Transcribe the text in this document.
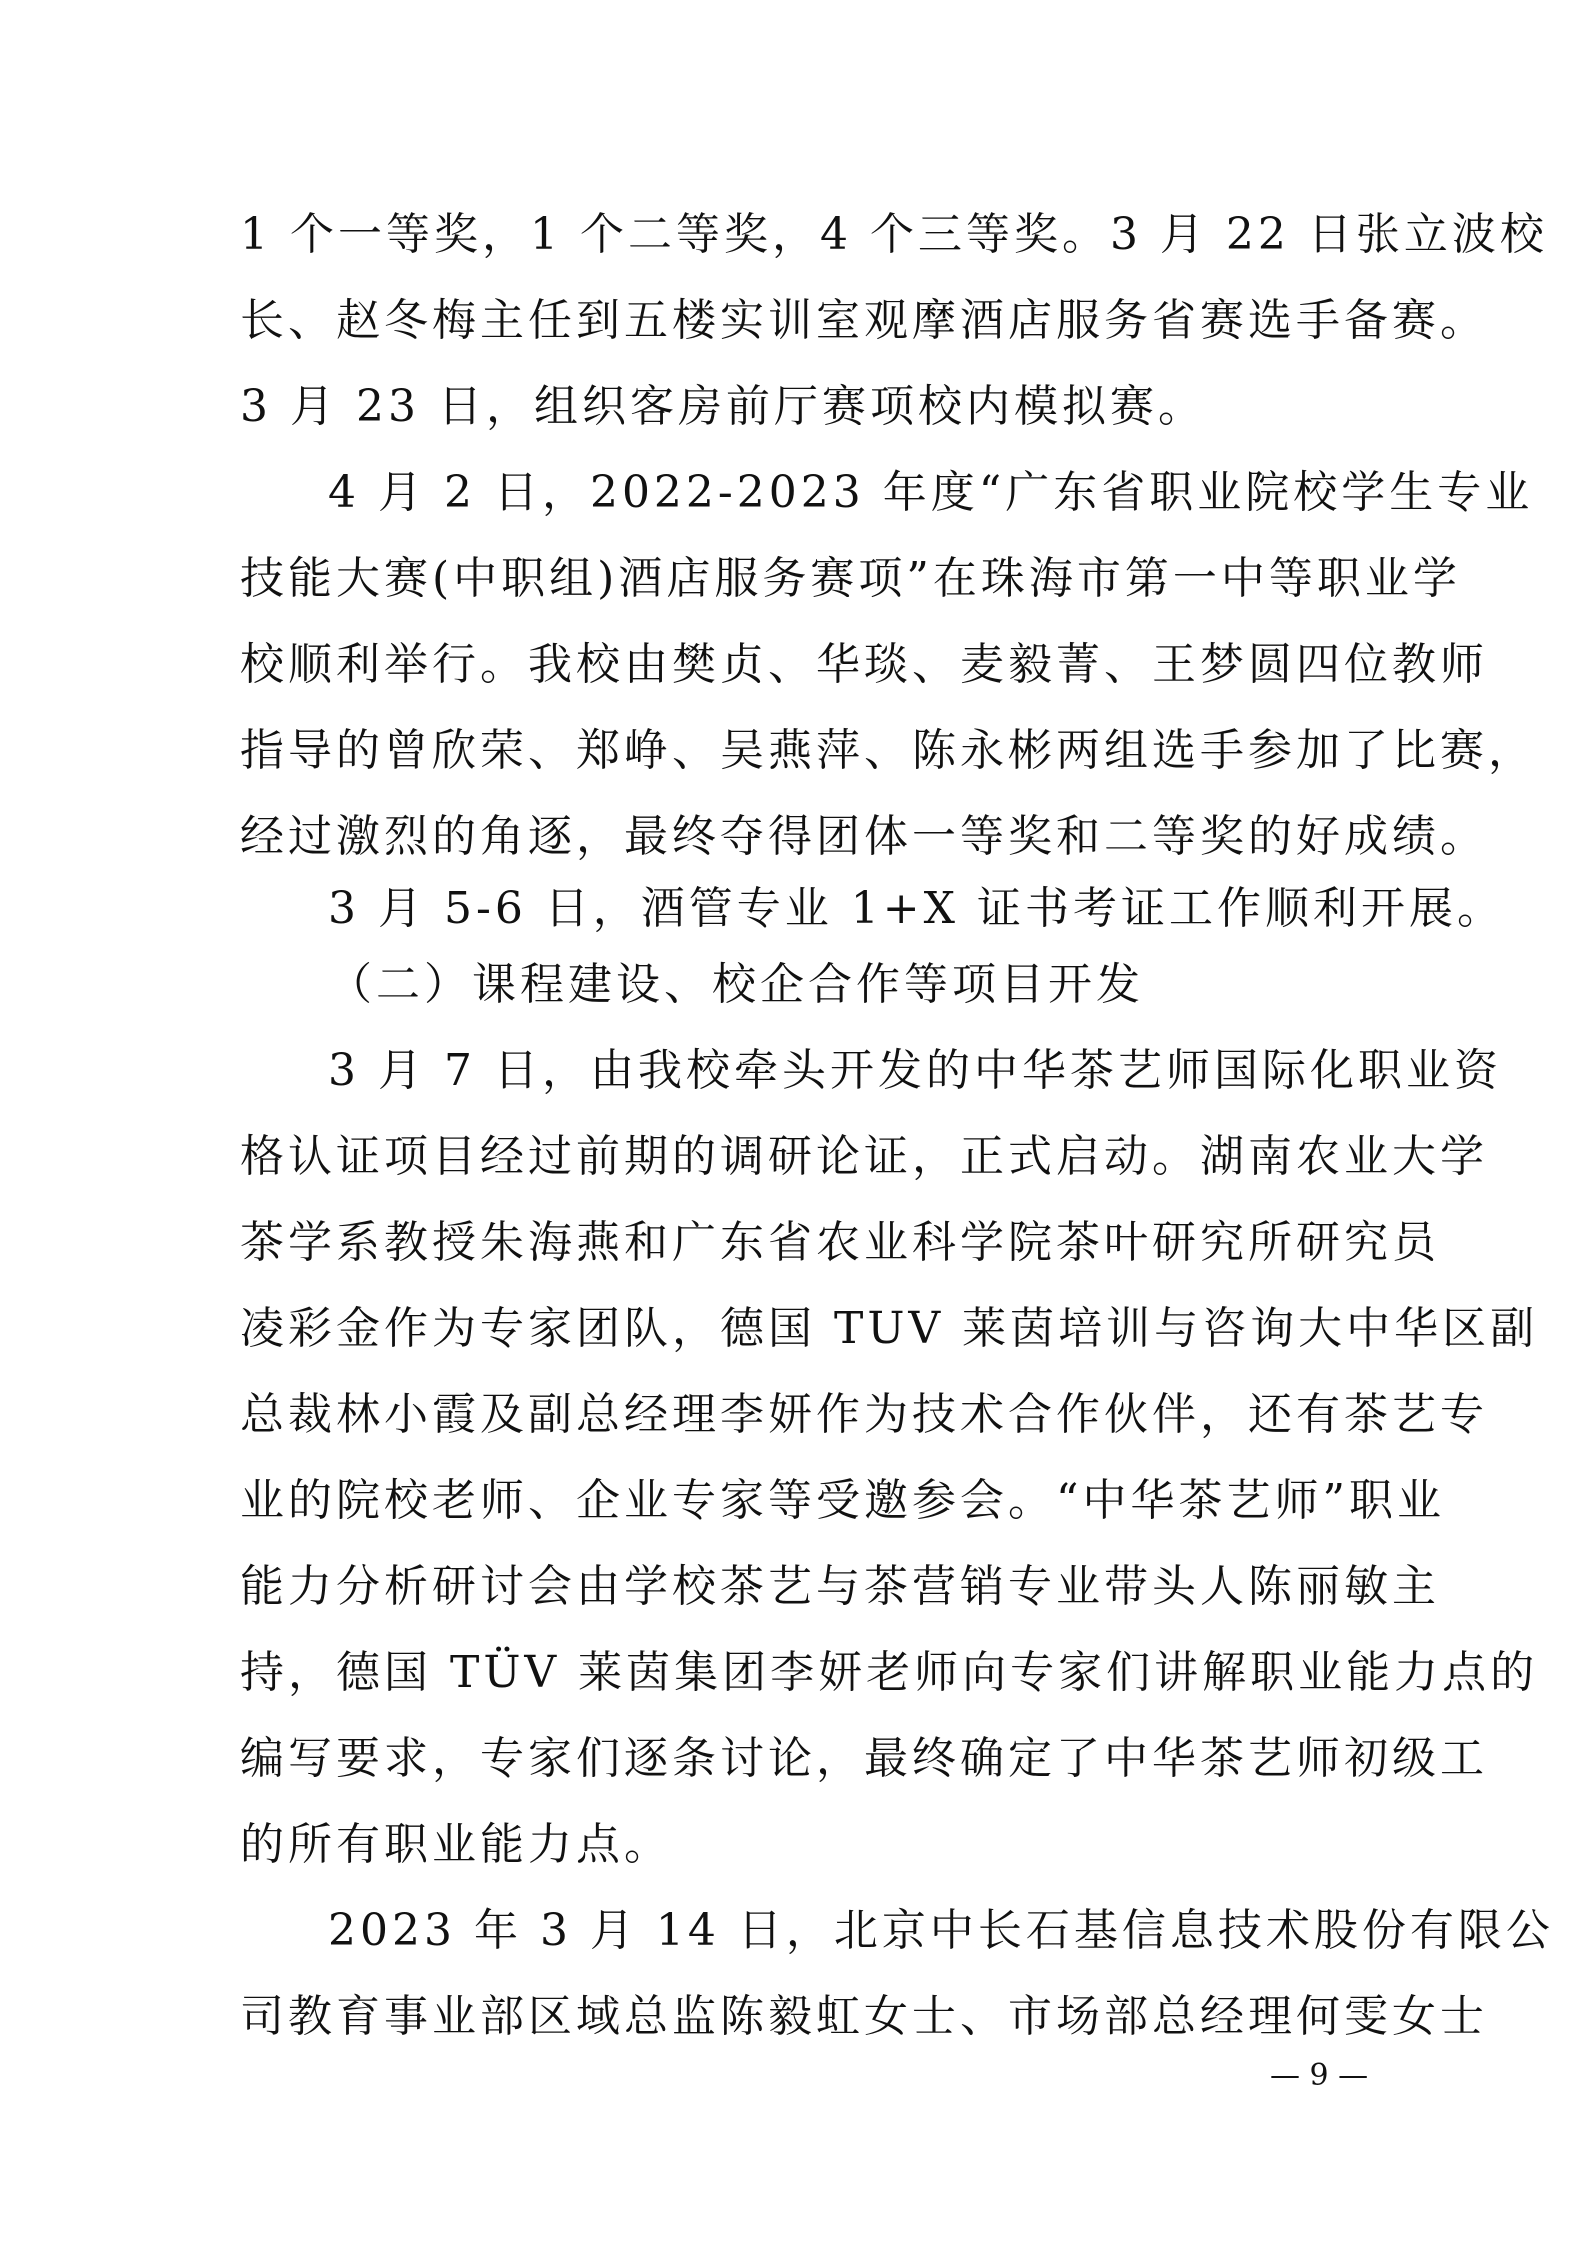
1 个一等奖，1 个二等奖，4 个三等奖。3 月 22 日张立波校
长、赵冬梅主任到五楼实训室观摩酒店服务省赛选手备赛。
3 月 23 日，组织客房前厅赛项校内模拟赛。
4 月 2 日，2022-2023 年度“广东省职业院校学生专业
技能大赛(中职组)酒店服务赛项”在珠海市第一中等职业学
校顺利举行。我校由樊贞、华琰、麦毅菁、王梦圆四位教师
指导的曾欣荣、郑峥、吴燕萍、陈永彬两组选手参加了比赛，
经过激烈的角逐，最终夺得团体一等奖和二等奖的好成绩。
3 月 5-6 日，酒管专业 1+X 证书考证工作顺利开展。
（二）课程建设、校企合作等项目开发
3 月 7 日，由我校牵头开发的中华茶艺师国际化职业资
格认证项目经过前期的调研论证，正式启动。湖南农业大学
茶学系教授朱海燕和广东省农业科学院茶叶研究所研究员
凌彩金作为专家团队，德国 TUV 莱茵培训与咨询大中华区副
总裁林小霞及副总经理李妍作为技术合作伙伴，还有茶艺专
业的院校老师、企业专家等受邀参会。“中华茶艺师”职业
能力分析研讨会由学校茶艺与茶营销专业带头人陈丽敏主
持，德国 TÜV 莱茵集团李妍老师向专家们讲解职业能力点的
编写要求，专家们逐条讨论，最终确定了中华茶艺师初级工
的所有职业能力点。
2023 年 3 月 14 日，北京中长石基信息技术股份有限公
司教育事业部区域总监陈毅虹女士、市场部总经理何雯女士
— 9 —
